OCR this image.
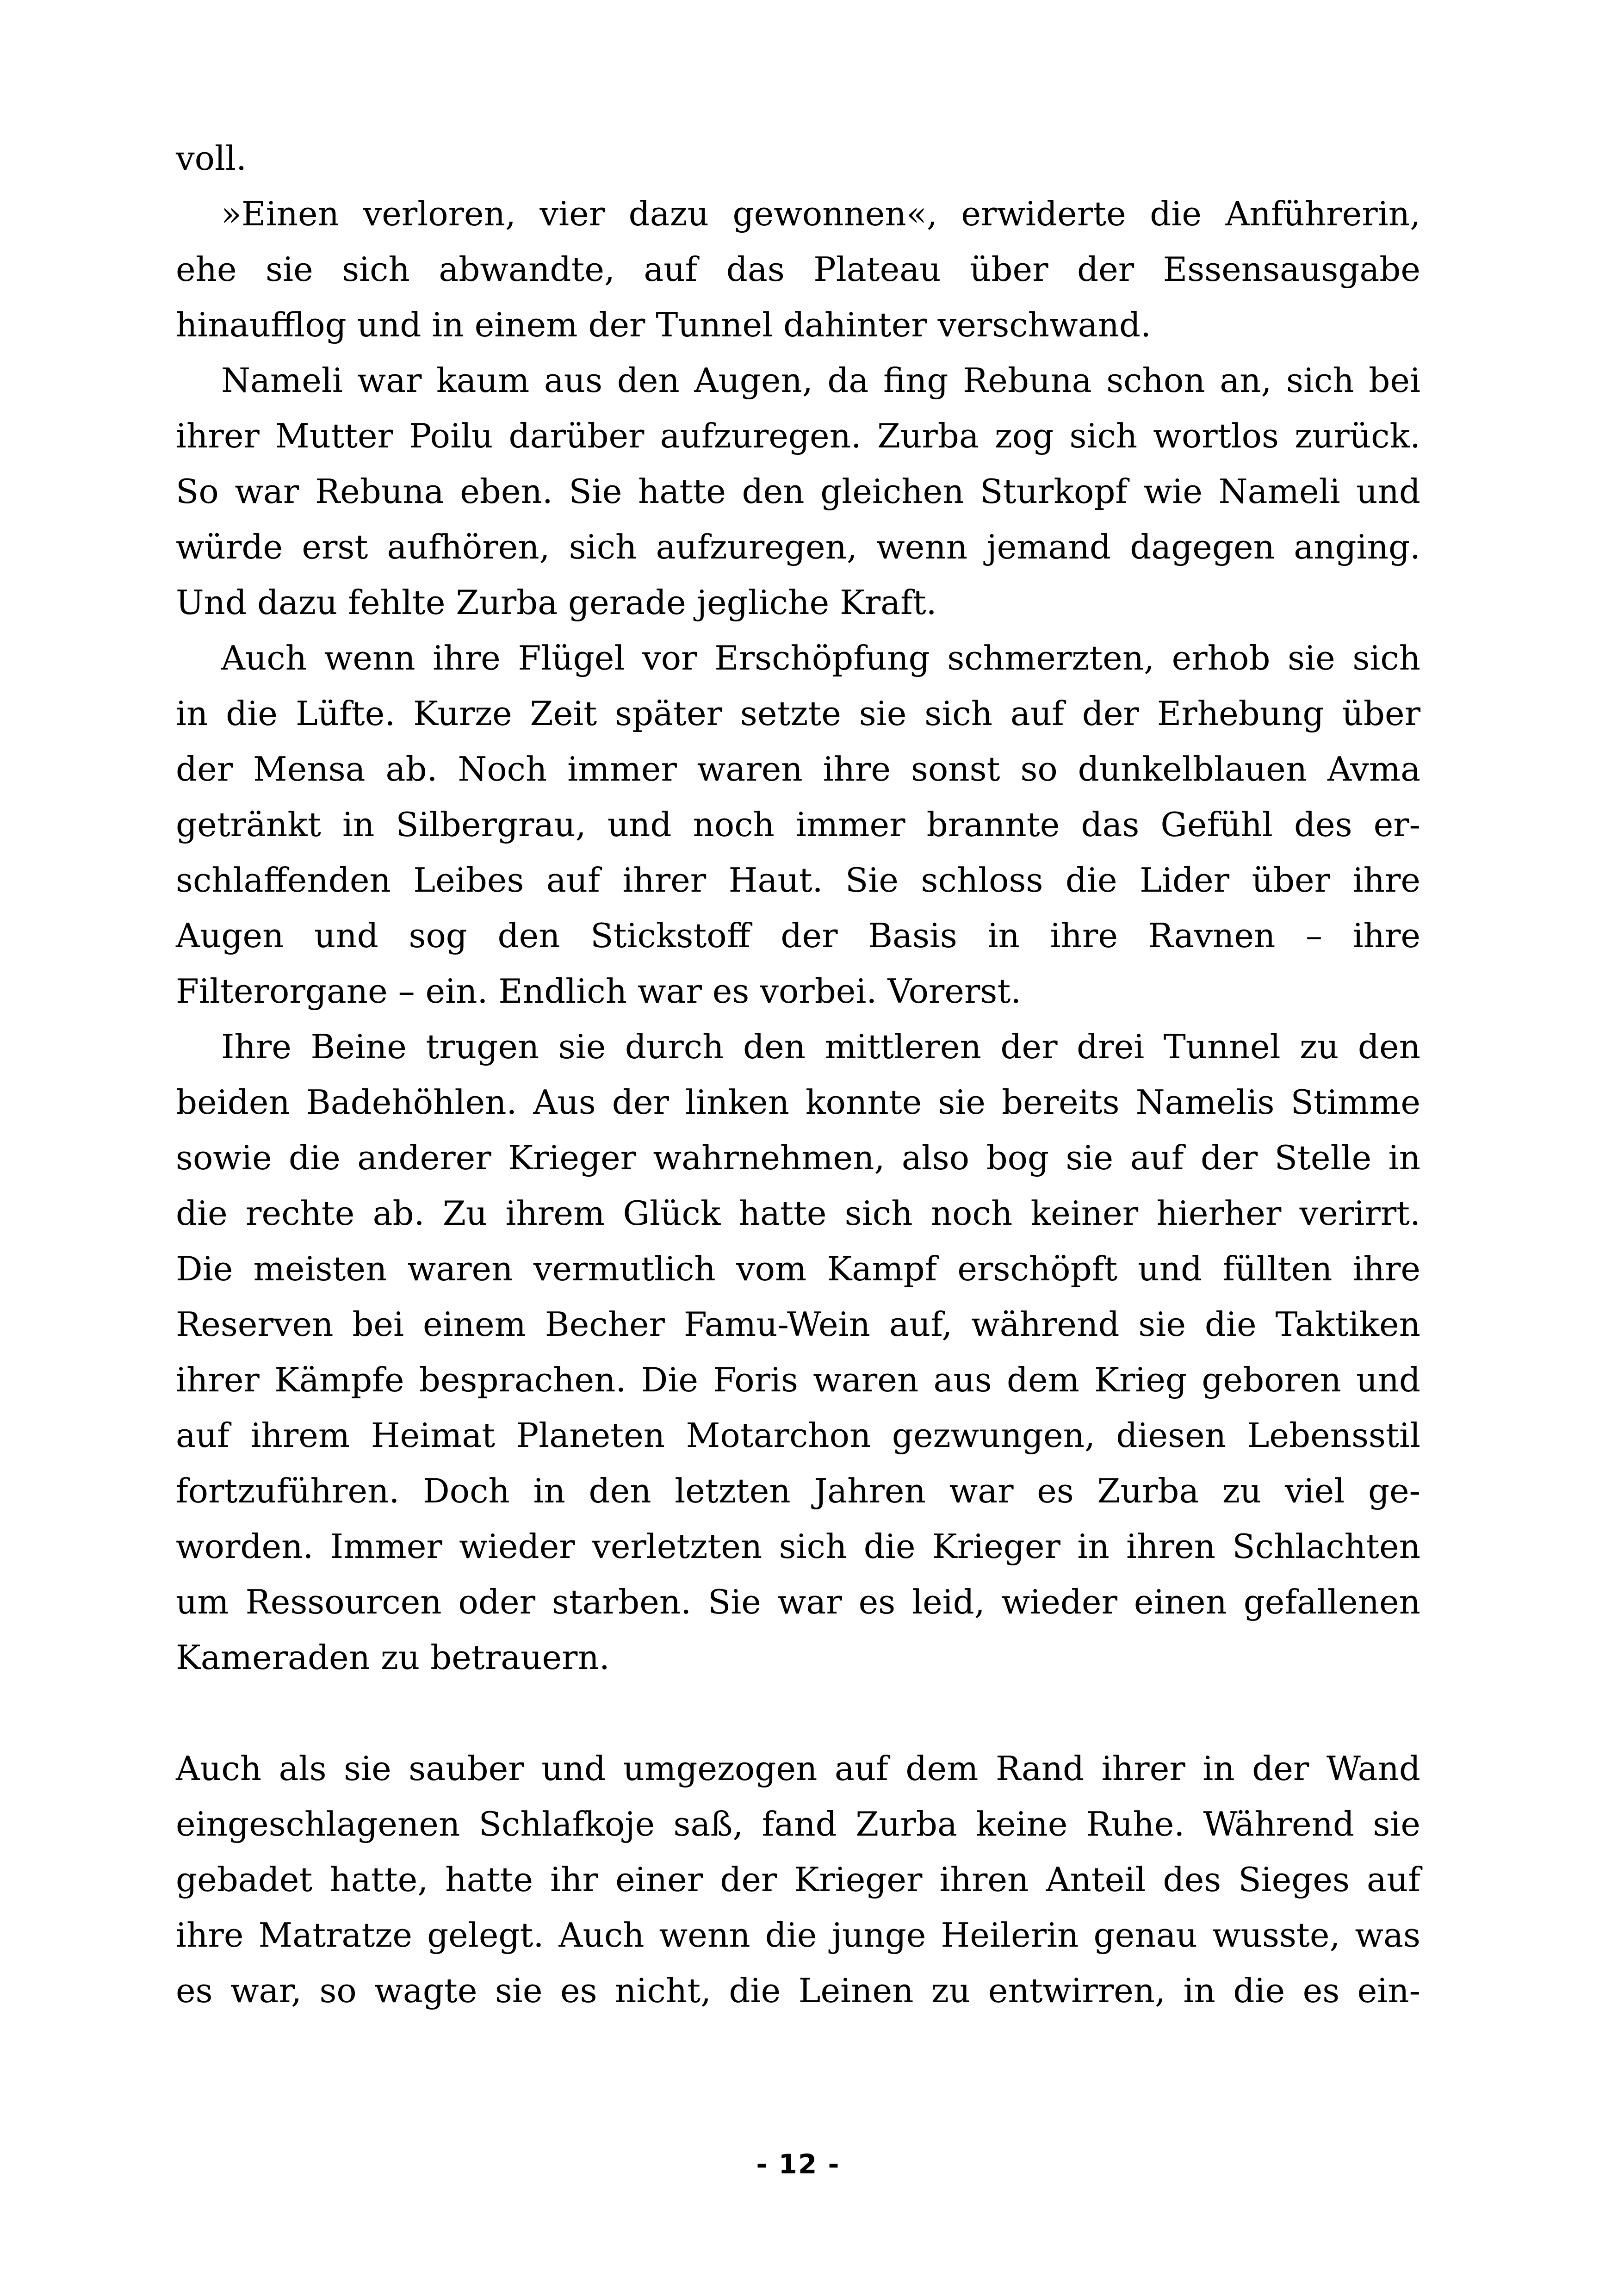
voll.
»Einen verloren, vier dazu gewonnen«, erwiderte die Anführerin,
ehe sie sich abwandte, auf das Plateau über der Essensausgabe
hinaufflog und in einem der Tunnel dahinter verschwand.
Nameli war kaum aus den Augen, da fing Rebuna schon an, sich bei
ihrer Mutter Poilu darüber aufzuregen. Zurba zog sich wortlos zurück.
So war Rebuna eben. Sie hatte den gleichen Sturkopf wie Nameli und
würde erst aufhören, sich aufzuregen, wenn jemand dagegen anging.
Und dazu fehlte Zurba gerade jegliche Kraft.
Auch wenn ihre Flügel vor Erschöpfung schmerzten, erhob sie sich
in die Lüfte. Kurze Zeit später setzte sie sich auf der Erhebung über
der Mensa ab. Noch immer waren ihre sonst so dunkelblauen Avma
getränkt in Silbergrau, und noch immer brannte das Gefühl des er-
schlaffenden Leibes auf ihrer Haut. Sie schloss die Lider über ihre
Augen und sog den Stickstoff der Basis in ihre Ravnen – ihre
Filterorgane – ein. Endlich war es vorbei. Vorerst.
Ihre Beine trugen sie durch den mittleren der drei Tunnel zu den
beiden Badehöhlen. Aus der linken konnte sie bereits Namelis Stimme
sowie die anderer Krieger wahrnehmen, also bog sie auf der Stelle in
die rechte ab. Zu ihrem Glück hatte sich noch keiner hierher verirrt.
Die meisten waren vermutlich vom Kampf erschöpft und füllten ihre
Reserven bei einem Becher Famu-Wein auf, während sie die Taktiken
ihrer Kämpfe besprachen. Die Foris waren aus dem Krieg geboren und
auf ihrem Heimat Planeten Motarchon gezwungen, diesen Lebensstil
fortzuführen. Doch in den letzten Jahren war es Zurba zu viel ge-
worden. Immer wieder verletzten sich die Krieger in ihren Schlachten
um Ressourcen oder starben. Sie war es leid, wieder einen gefallenen
Kameraden zu betrauern.
Auch als sie sauber und umgezogen auf dem Rand ihrer in der Wand
eingeschlagenen Schlafkoje saß, fand Zurba keine Ruhe. Während sie
gebadet hatte, hatte ihr einer der Krieger ihren Anteil des Sieges auf
ihre Matratze gelegt. Auch wenn die junge Heilerin genau wusste, was
es war, so wagte sie es nicht, die Leinen zu entwirren, in die es ein-
- 12 -
